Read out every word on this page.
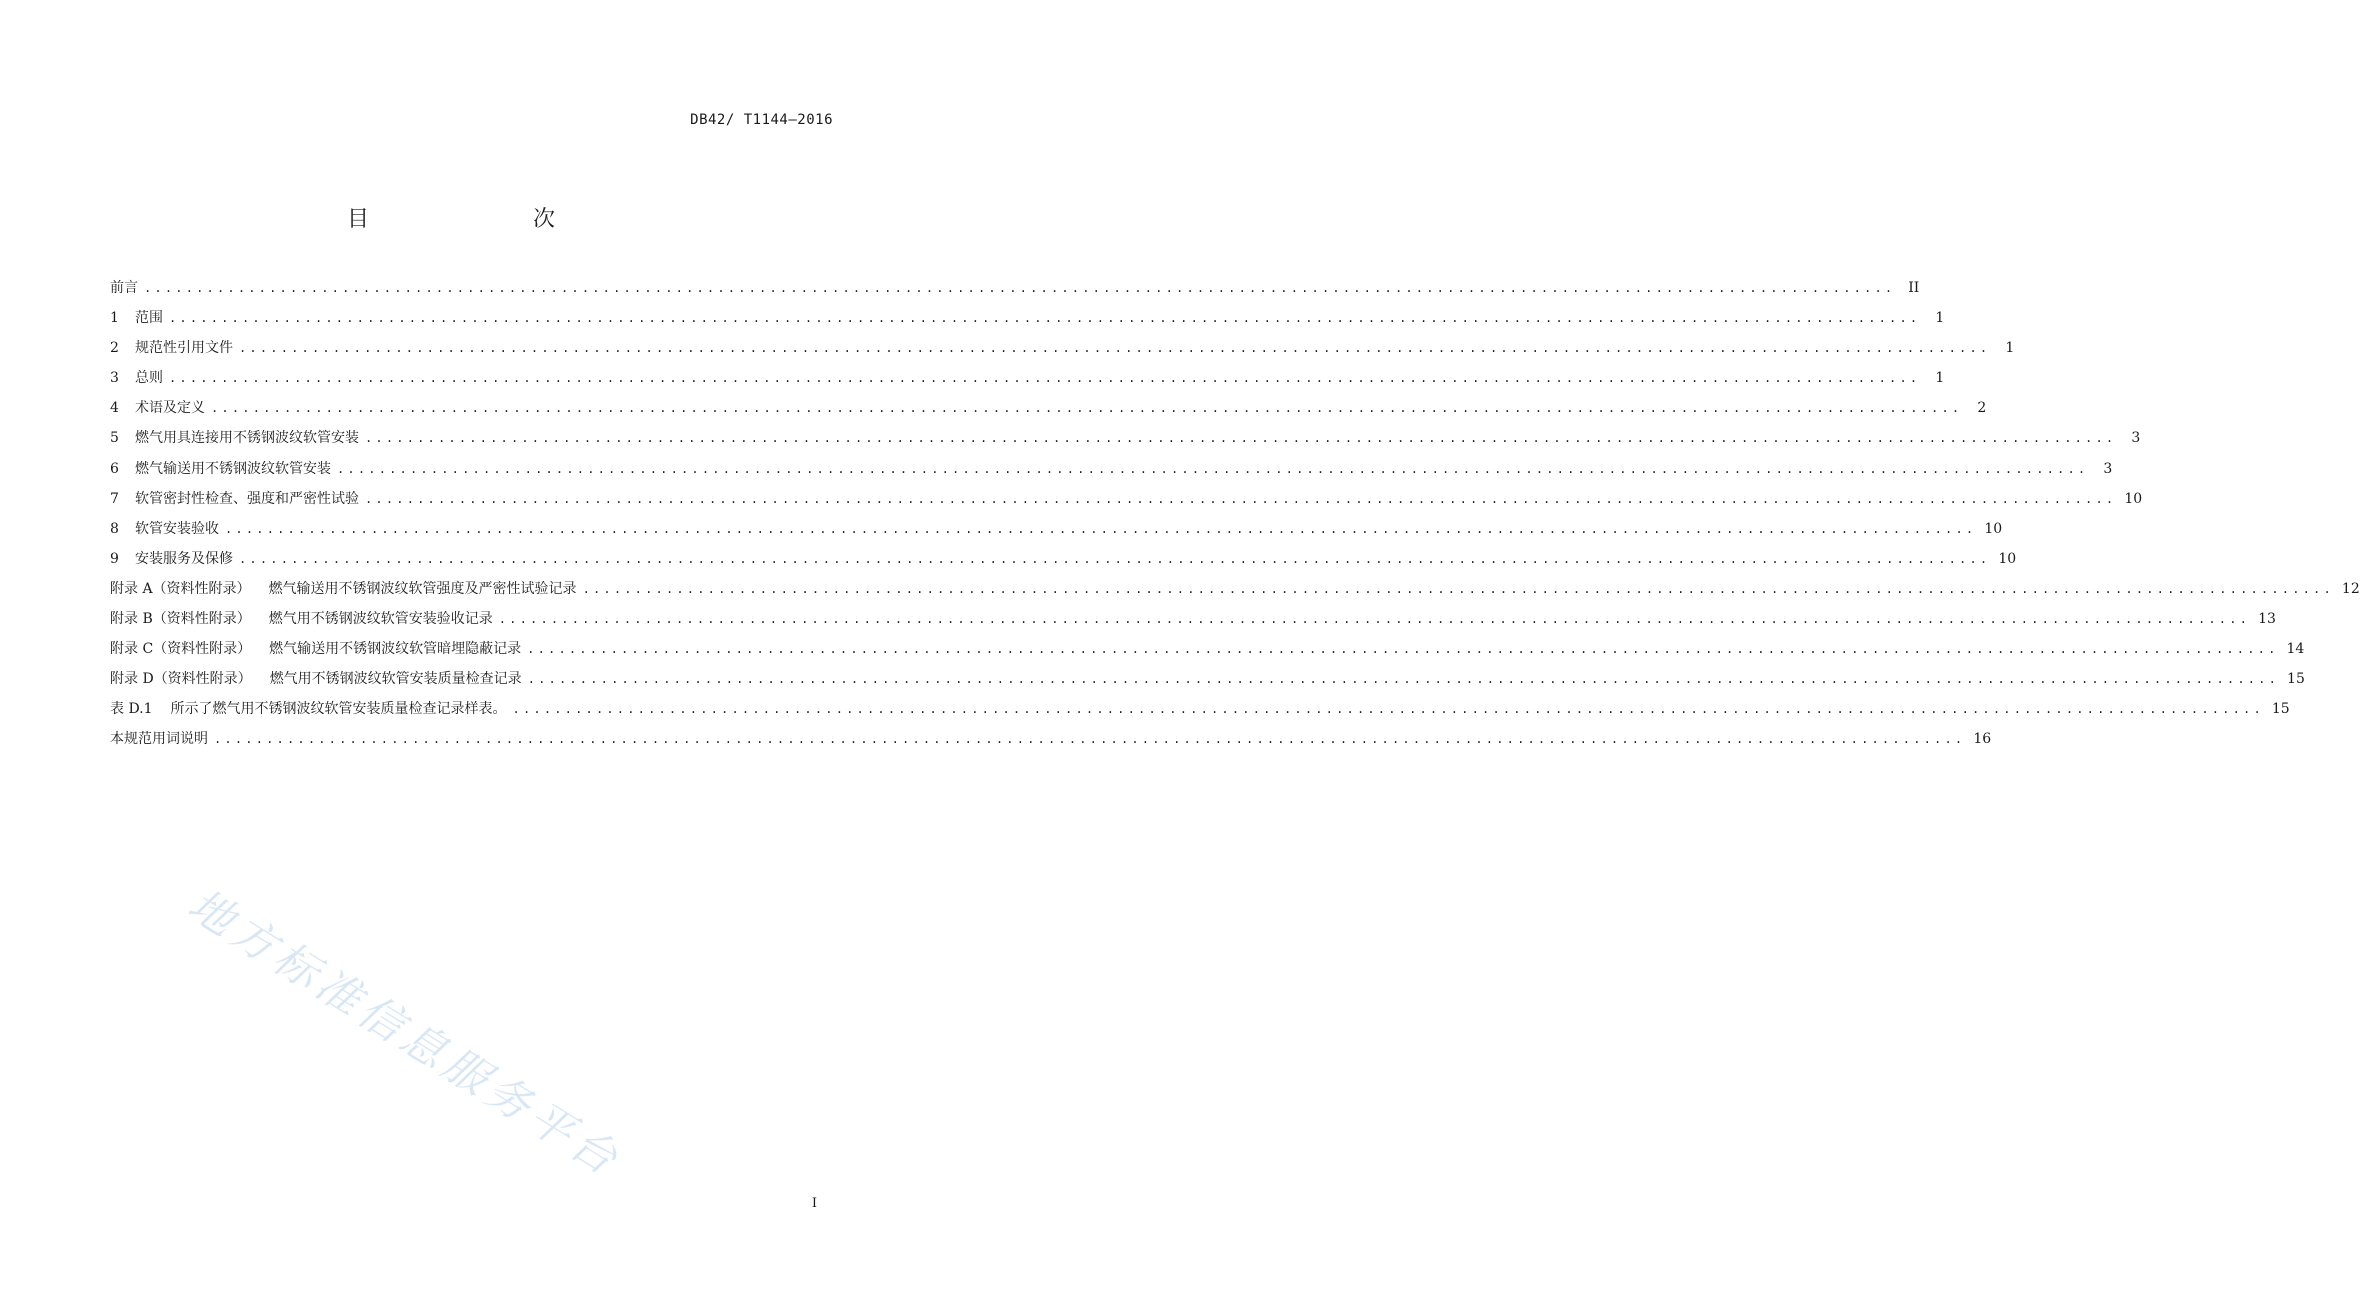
DB42/ T1144—2016
目　　次
前言 ........................................................................................................................................................................ II
1	范围 ........................................................................................................................................................................	1
2	规范性引用文件 ........................................................................................................................................................................	1
3	总则 ........................................................................................................................................................................	1
4	术语及定义 ........................................................................................................................................................................	2
5	燃气用具连接用不锈钢波纹软管安装 ........................................................................................................................................................................	3
6	燃气输送用不锈钢波纹软管安装 ........................................................................................................................................................................	3
7	软管密封性检查、强度和严密性试验 ........................................................................................................................................................................ 10
8	软管安装验收 ........................................................................................................................................................................ 10
9	安装服务及保修 ........................................................................................................................................................................ 10
附录 A（资料性附录） 燃气输送用不锈钢波纹软管强度及严密性试验记录 ........................................................................................................................................................................ 12
附录 B（资料性附录） 燃气用不锈钢波纹软管安装验收记录 ........................................................................................................................................................................ 13
附录 C（资料性附录） 燃气输送用不锈钢波纹软管暗埋隐蔽记录 ........................................................................................................................................................................ 14
附录 D（资料性附录） 燃气用不锈钢波纹软管安装质量检查记录 ........................................................................................................................................................................ 15
表 D.1 所示了燃气用不锈钢波纹软管安装质量检查记录样表。 ........................................................................................................................................................................ 15
本规范用词说明 ........................................................................................................................................................................ 16
地方标准信息服务平台
I
